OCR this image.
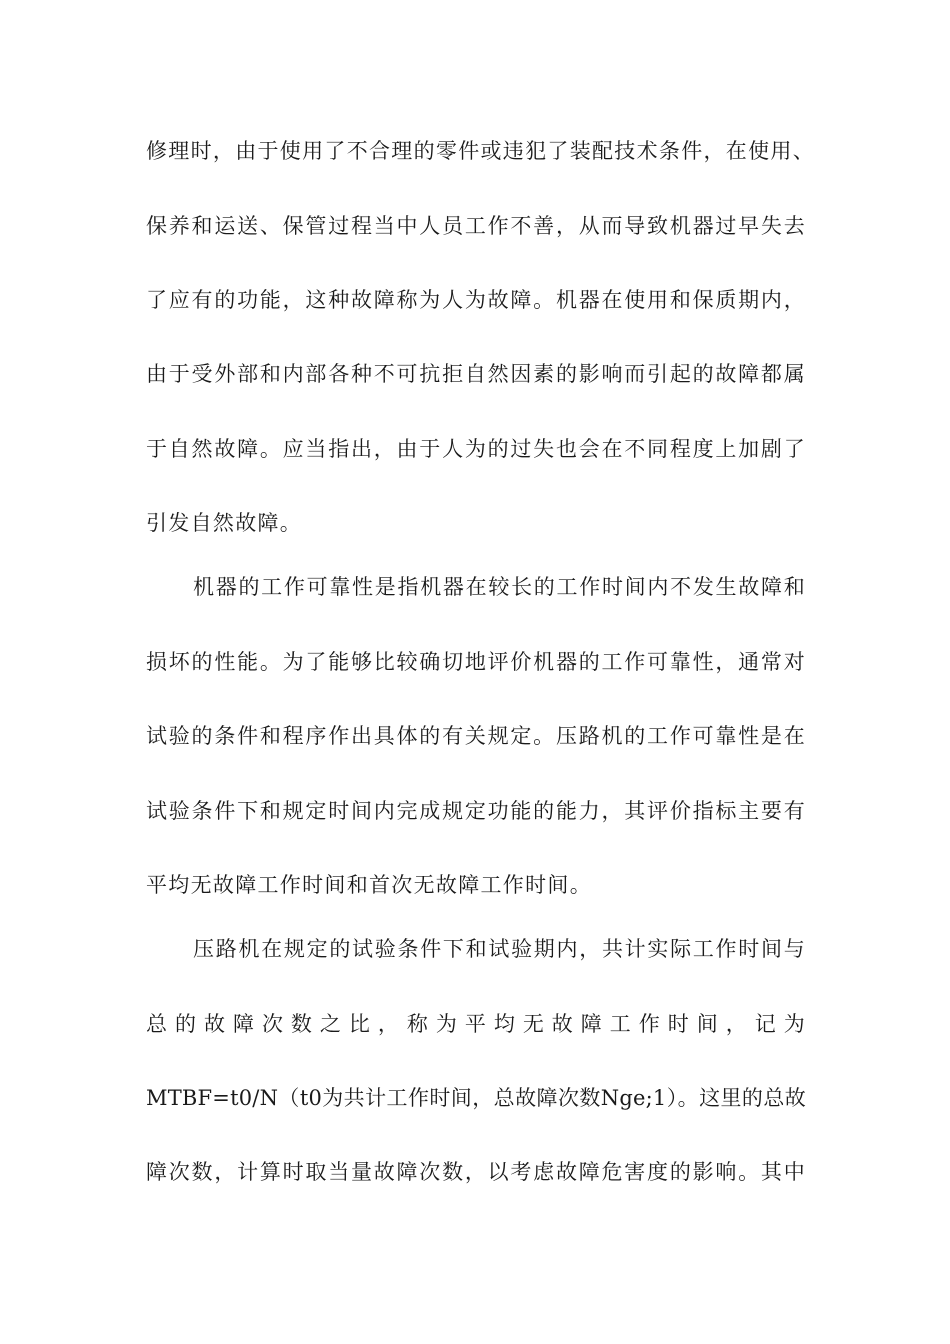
修理时，由于使用了不合理的零件或违犯了装配技术条件，在使用、
保养和运送、保管过程当中人员工作不善，从而导致机器过早失去
了应有的功能，这种故障称为人为故障。机器在使用和保质期内，
由于受外部和内部各种不可抗拒自然因素的影响而引起的故障都属
于自然故障。应当指出，由于人为的过失也会在不同程度上加剧了
引发自然故障。
机器的工作可靠性是指机器在较长的工作时间内不发生故障和
损坏的性能。为了能够比较确切地评价机器的工作可靠性，通常对
试验的条件和程序作出具体的有关规定。压路机的工作可靠性是在
试验条件下和规定时间内完成规定功能的能力，其评价指标主要有
平均无故障工作时间和首次无故障工作时间。
压路机在规定的试验条件下和试验期内，共计实际工作时间与
总的故障次数之比，称为平均无故障工作时间，记为
MTBF=t0/N（t0为共计工作时间，总故障次数Nge;1）。这里的总故
障次数，计算时取当量故障次数，以考虑故障危害度的影响。其中
